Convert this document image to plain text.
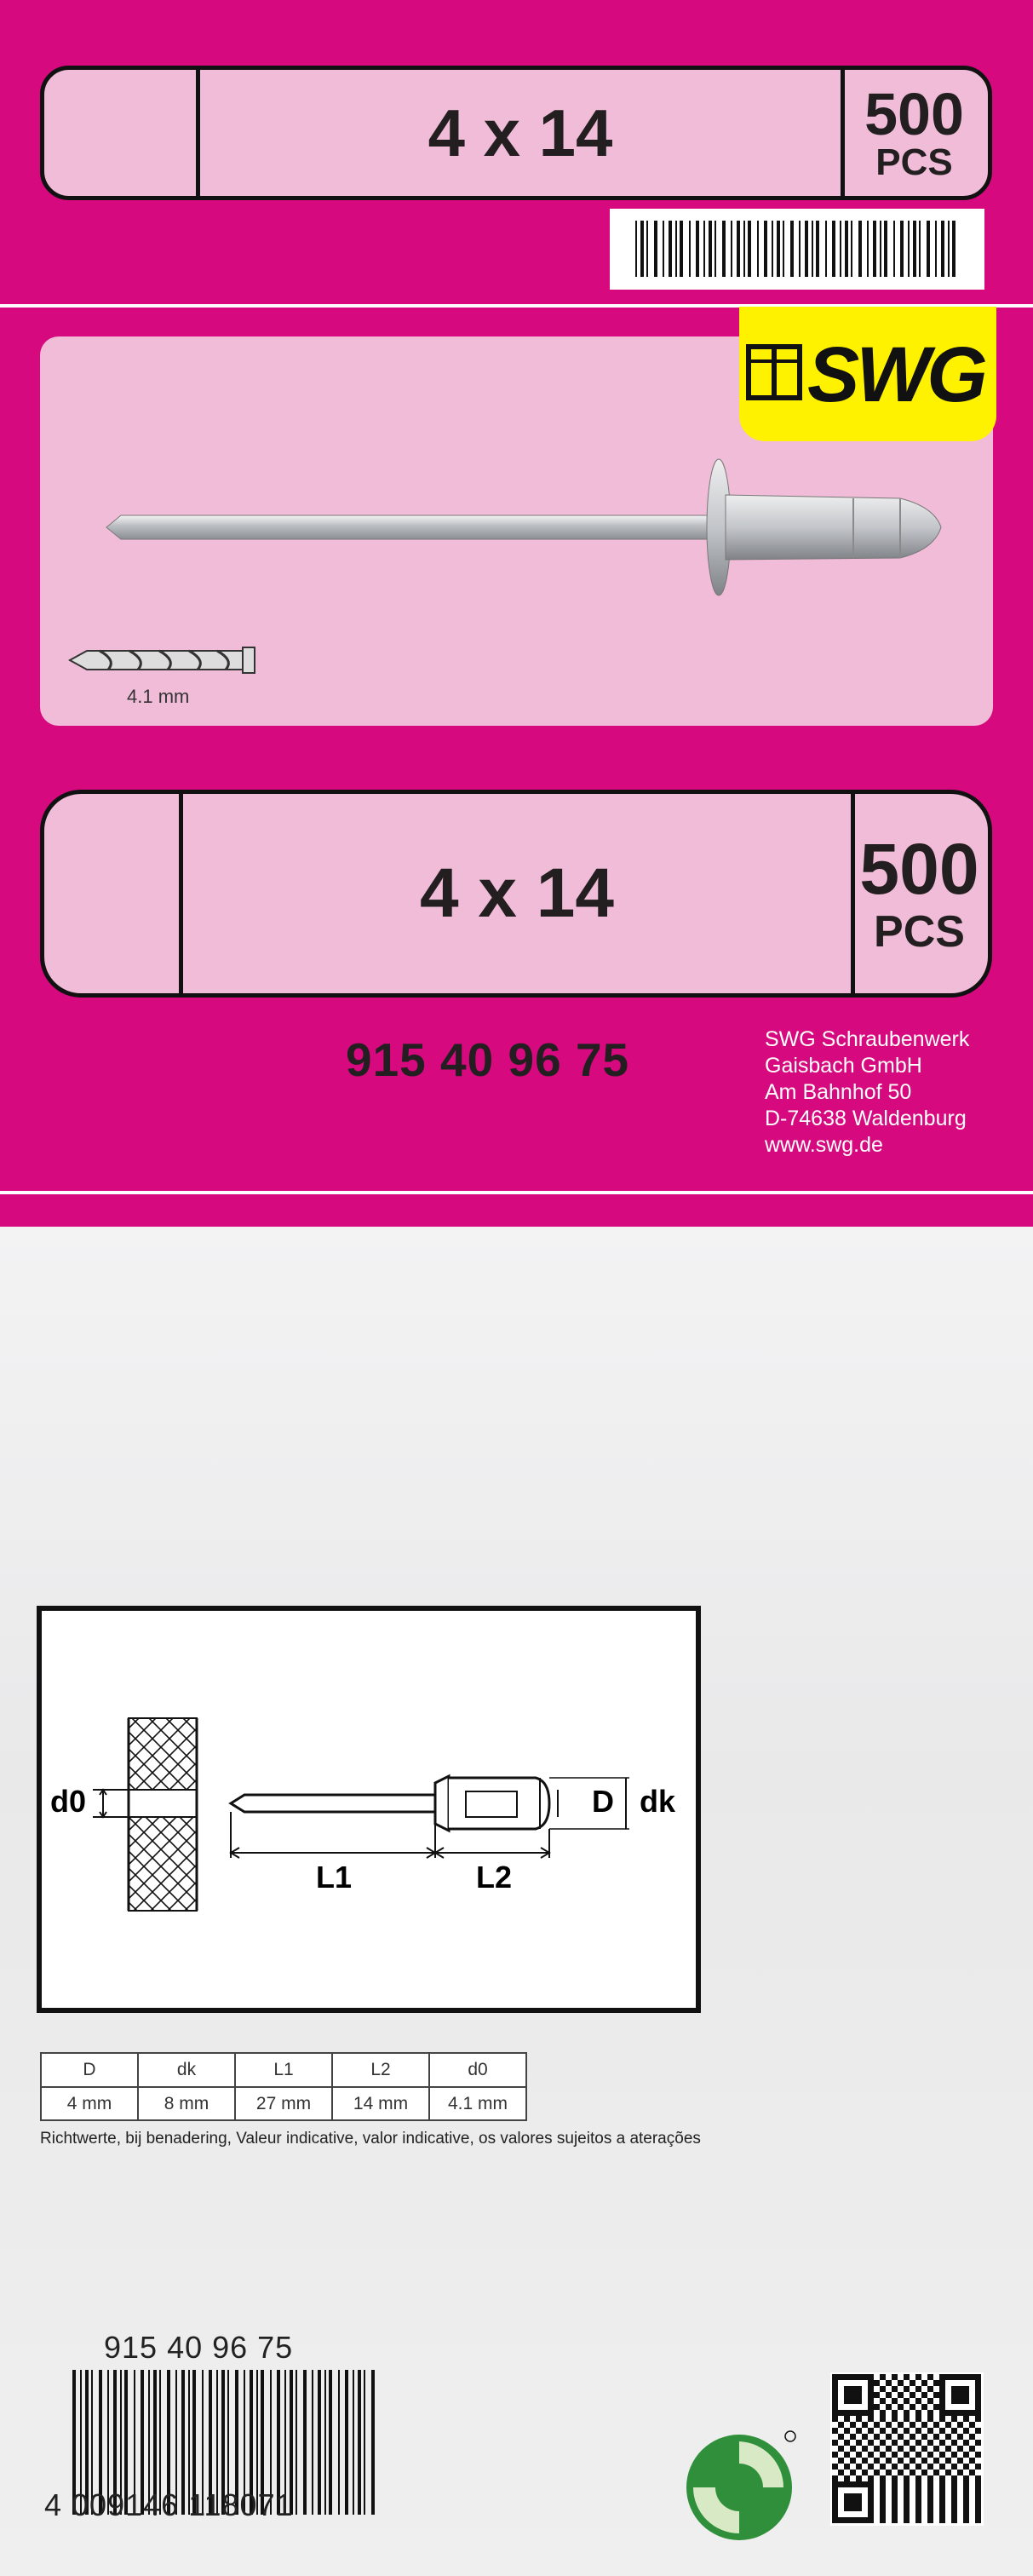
4 x 14	500
PCS
4.1 mm
SWG
4 x 14	500
PCS
915 40 96 75	SWG Schraubenwerk
Gaisbach GmbH
Am Bahnhof 50
D-74638 Waldenburg
www.swg.de
d0
L1	L2
D dk
D	dk	L1	L2	d0
4 mm	8 mm	27 mm	14 mm	4.1 mm
Richtwerte, bij benadering, Valeur indicative, valor indicative, os valores sujeitos a aterações
915 40 96 75
4 009146 118071
